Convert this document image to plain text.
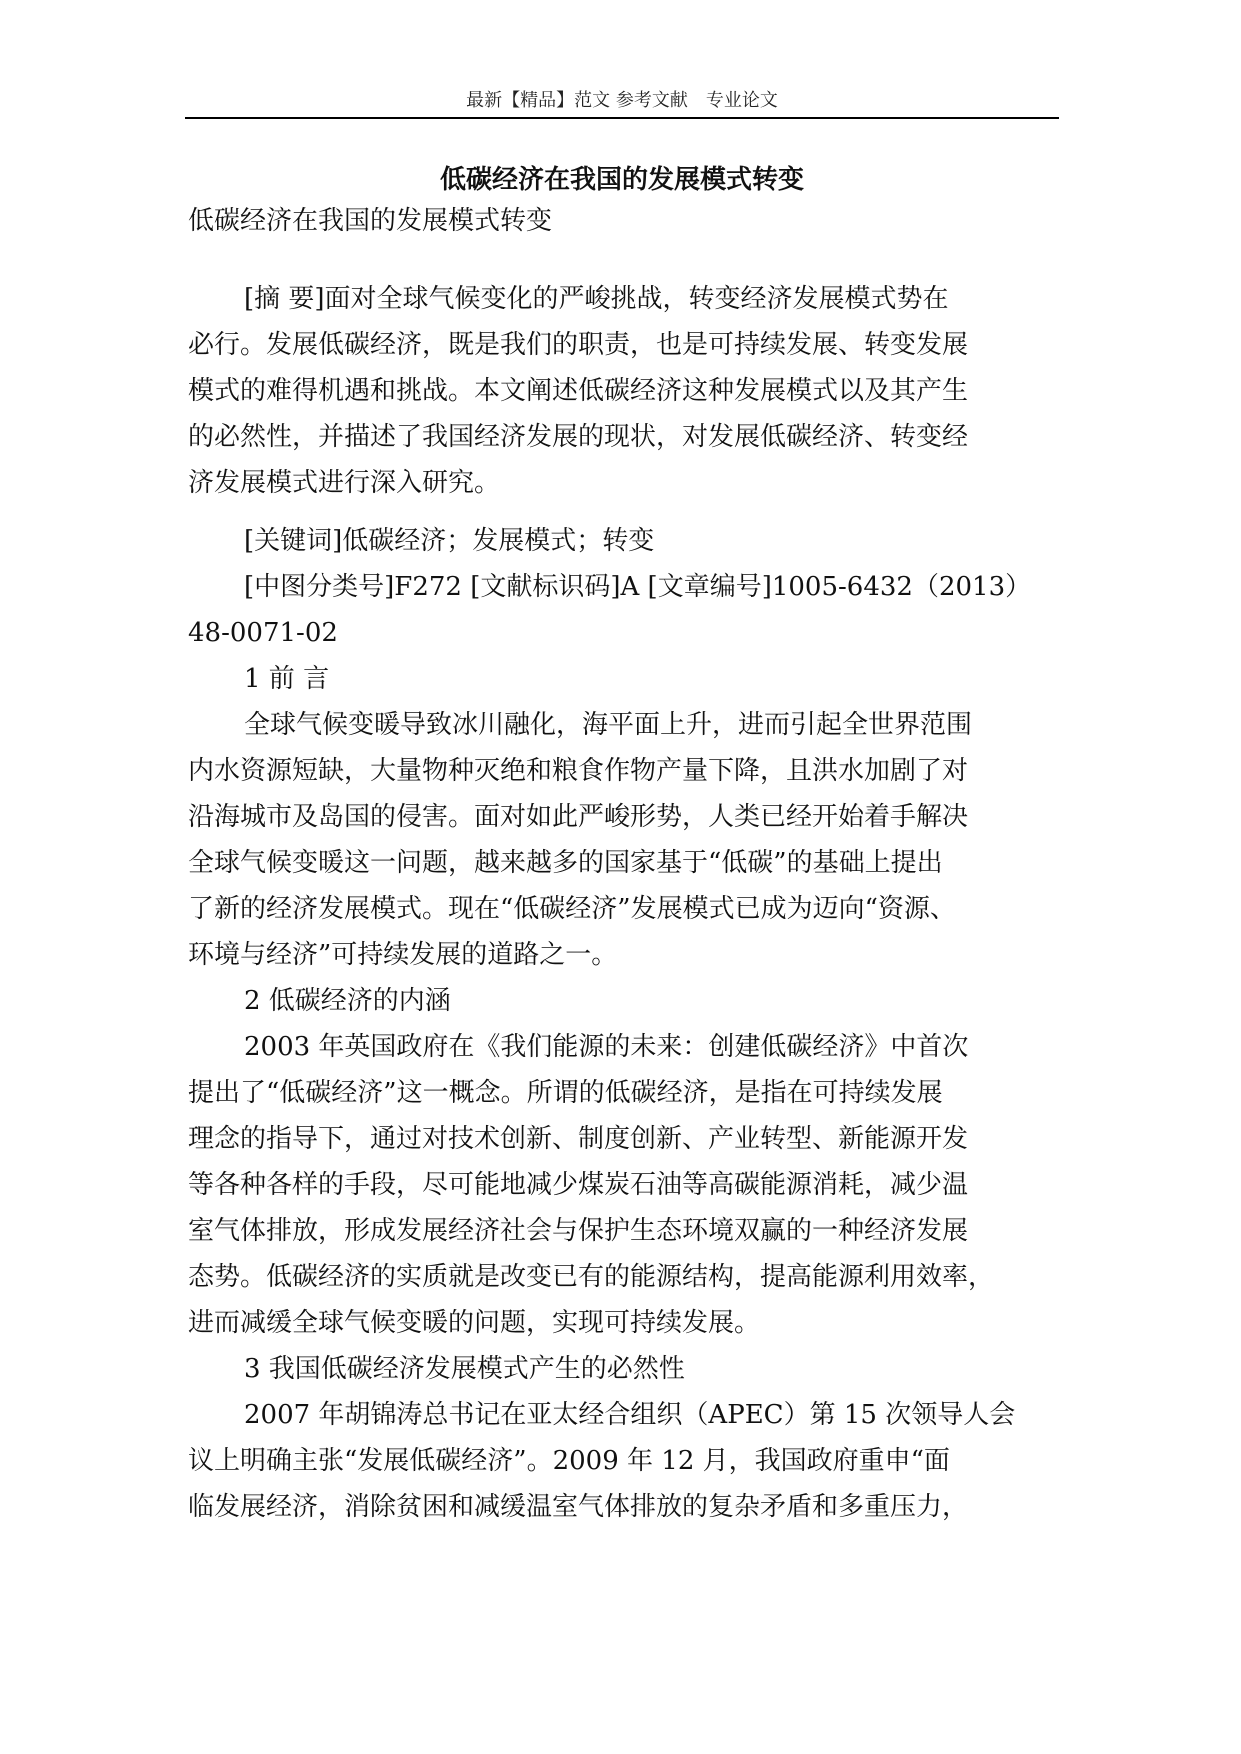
最新【精品】范文 参考文献　专业论文
低碳经济在我国的发展模式转变
低碳经济在我国的发展模式转变
[摘 要]面对全球气候变化的严峻挑战，转变经济发展模式势在
必行。发展低碳经济，既是我们的职责，也是可持续发展、转变发展
模式的难得机遇和挑战。本文阐述低碳经济这种发展模式以及其产生
的必然性，并描述了我国经济发展的现状，对发展低碳经济、转变经
济发展模式进行深入研究。
[关键词]低碳经济；发展模式；转变
[中图分类号]F272 [文献标识码]A [文章编号]1005-6432（2013）
48-0071-02
1 前 言
全球气候变暖导致冰川融化，海平面上升，进而引起全世界范围
内水资源短缺，大量物种灭绝和粮食作物产量下降，且洪水加剧了对
沿海城市及岛国的侵害。面对如此严峻形势，人类已经开始着手解决
全球气候变暖这一问题，越来越多的国家基于“低碳”的基础上提出
了新的经济发展模式。现在“低碳经济”发展模式已成为迈向“资源、
环境与经济”可持续发展的道路之一。
2 低碳经济的内涵
2003 年英国政府在《我们能源的未来：创建低碳经济》中首次
提出了“低碳经济”这一概念。所谓的低碳经济，是指在可持续发展
理念的指导下，通过对技术创新、制度创新、产业转型、新能源开发
等各种各样的手段，尽可能地减少煤炭石油等高碳能源消耗，减少温
室气体排放，形成发展经济社会与保护生态环境双赢的一种经济发展
态势。低碳经济的实质就是改变已有的能源结构，提高能源利用效率，
进而减缓全球气候变暖的问题，实现可持续发展。
3 我国低碳经济发展模式产生的必然性
2007 年胡锦涛总书记在亚太经合组织（APEC）第 15 次领导人会
议上明确主张“发展低碳经济”。2009 年 12 月，我国政府重申“面
临发展经济，消除贫困和减缓温室气体排放的复杂矛盾和多重压力，
